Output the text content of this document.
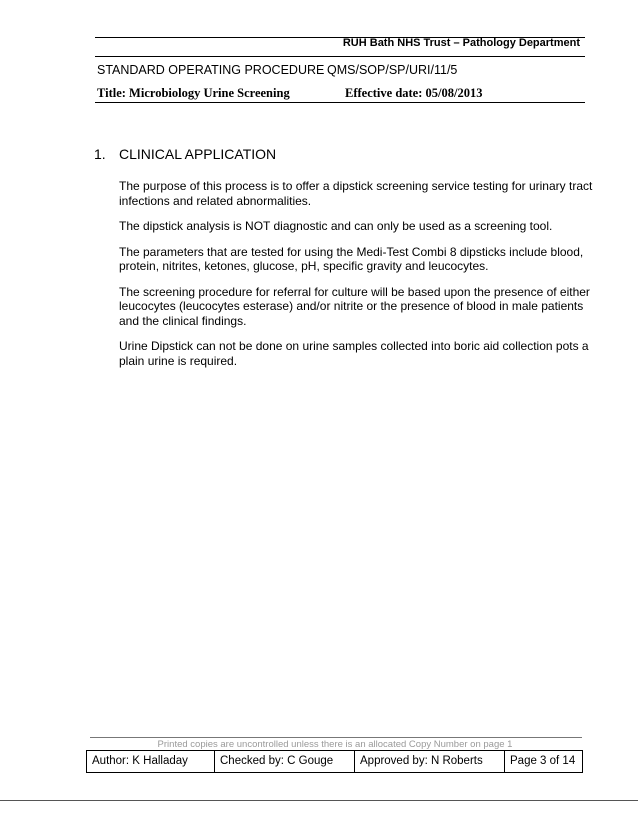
RUH Bath NHS Trust – Pathology Department
STANDARD OPERATING PROCEDURE QMS/SOP/SP/URI/11/5
Title: Microbiology Urine Screening	Effective date: 05/08/2013
1. CLINICAL APPLICATION

The purpose of this process is to offer a dipstick screening service testing for urinary tract infections and related abnormalities.

The dipstick analysis is NOT diagnostic and can only be used as a screening tool.

The parameters that are tested for using the Medi-Test Combi 8 dipsticks include blood, protein, nitrites, ketones, glucose, pH, specific gravity and leucocytes.

The screening procedure for referral for culture will be based upon the presence of either leucocytes (leucocytes esterase) and/or nitrite or the presence of blood in male patients and the clinical findings.

Urine Dipstick can not be done on urine samples collected into boric aid collection pots a plain urine is required.

Printed copies are uncontrolled unless there is an allocated Copy Number on page 1
Author: K Halladay	Checked by: C Gouge	Approved by: N Roberts	Page 3 of 14
